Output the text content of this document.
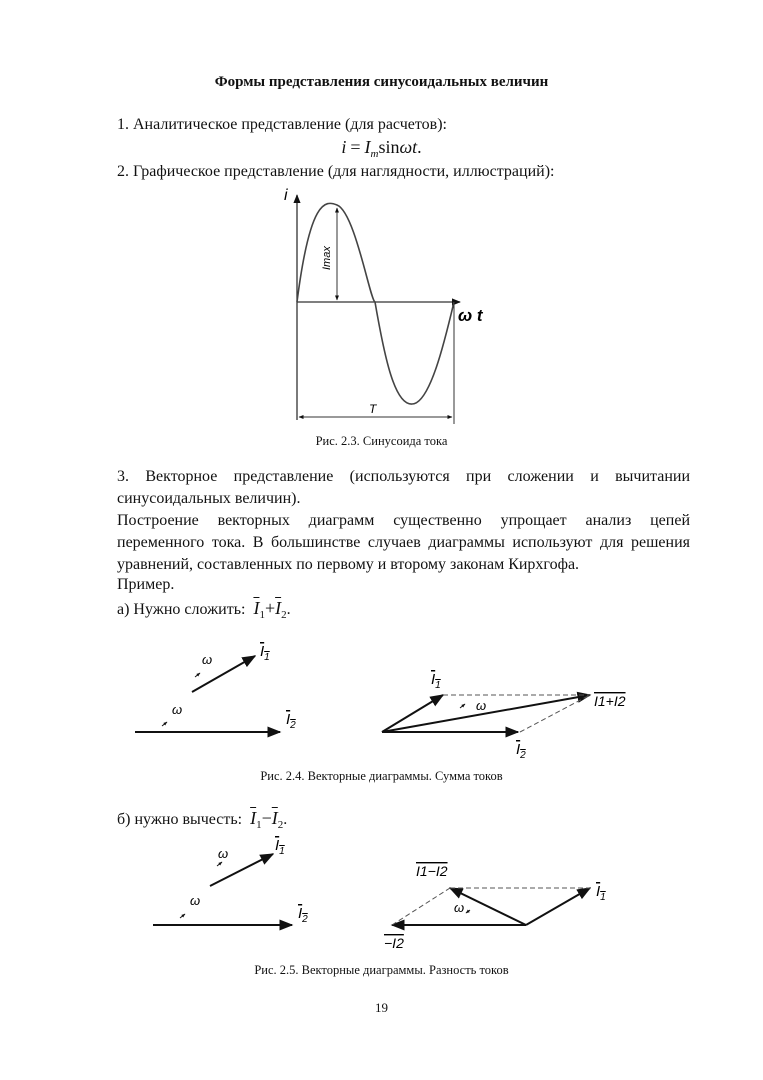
Формы представления синусоидальных величин
1. Аналитическое представление (для расчетов):
$i = I_m\sin\omega t$.
2. Графическое представление (для наглядности, иллюстраций):
i
ω t
Imax
T
Рис. 2.3. Синусоида тока
3. Векторное представление (используются при сложении и вычитании синусоидальных величин).
Построение векторных диаграмм существенно упрощает анализ цепей переменного тока. В большинстве случаев диаграммы используют для решения уравнений, составленных по первому и второму законам Кирхгофа.
Пример.
а) Нужно сложить: $\overline{I}_1+\overline{I}_2$.
ω
ω
$I_1$
$I_2$
ω
$I_1$
$I_2$
I1+I2
Рис. 2.4. Векторные диаграммы. Сумма токов
б) нужно вычесть: $\overline{I}_1-\overline{I}_2$.
ω
ω
$I_1$
$I_2$
ω
I1−I2
$I_1$
−I2
Рис. 2.5. Векторные диаграммы. Разность токов
19
